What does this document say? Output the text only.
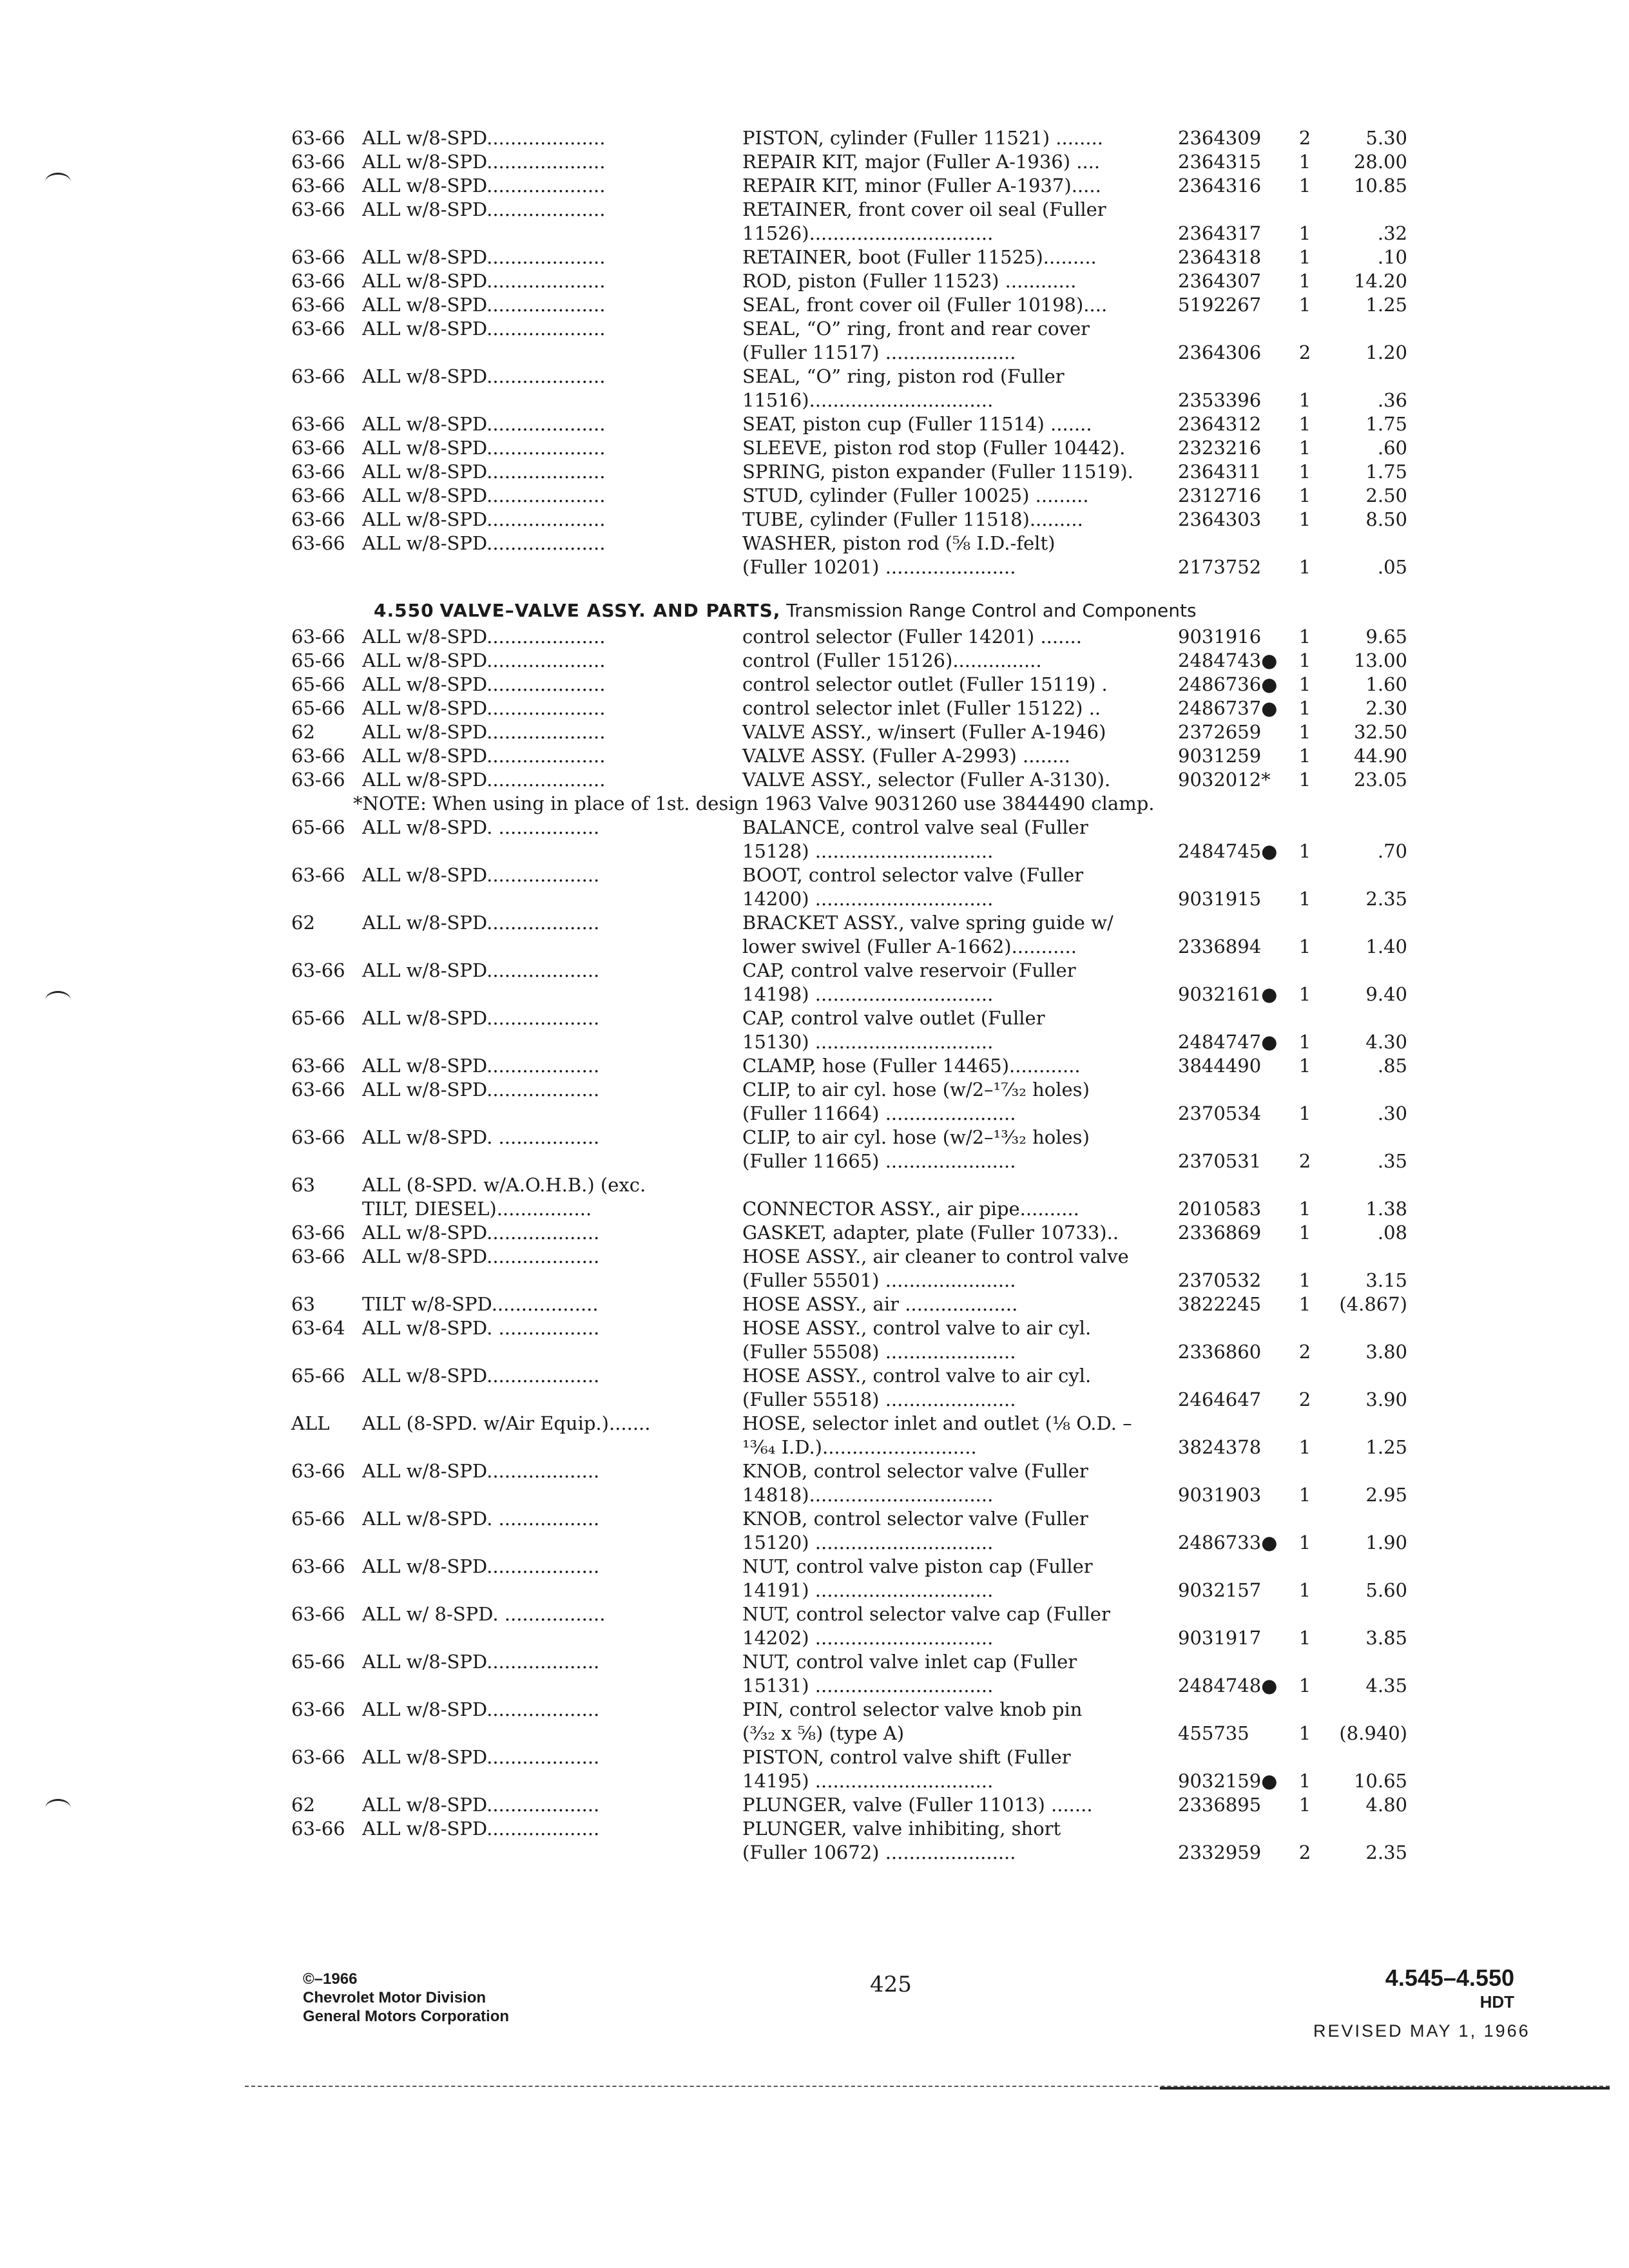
63-66 ALL w/8-SPD....................	PISTON, cylinder (Fuller 11521) ........	2364309	2	5.30
63-66 ALL w/8-SPD....................	REPAIR KIT, major (Fuller A-1936) ....	2364315	1	28.00
63-66 ALL w/8-SPD....................	REPAIR KIT, minor (Fuller A-1937).....	2364316	1	10.85
63-66 ALL w/8-SPD....................	RETAINER, front cover oil seal (Fuller
11526)...............................	2364317	1	.32
63-66 ALL w/8-SPD....................	RETAINER, boot (Fuller 11525).........	2364318	1	.10
63-66 ALL w/8-SPD....................	ROD, piston (Fuller 11523) ............	2364307	1	14.20
63-66 ALL w/8-SPD....................	SEAL, front cover oil (Fuller 10198)....	5192267	1	1.25
63-66 ALL w/8-SPD....................	SEAL, “O” ring, front and rear cover
(Fuller 11517) ......................	2364306	2	1.20
63-66 ALL w/8-SPD....................	SEAL, “O” ring, piston rod (Fuller
11516)...............................	2353396	1	.36
63-66 ALL w/8-SPD....................	SEAT, piston cup (Fuller 11514) .......	2364312	1	1.75
63-66 ALL w/8-SPD....................	SLEEVE, piston rod stop (Fuller 10442).	2323216	1	.60
63-66 ALL w/8-SPD....................	SPRING, piston expander (Fuller 11519). 2364311	1	1.75
63-66 ALL w/8-SPD....................	STUD, cylinder (Fuller 10025) .........	2312716	1	2.50
63-66 ALL w/8-SPD....................	TUBE, cylinder (Fuller 11518).........	2364303	1	8.50
63-66 ALL w/8-SPD....................	WASHER, piston rod (⅝ I.D.-felt)
(Fuller 10201) ......................	2173752	1	.05
4.550 VALVE–VALVE ASSY. AND PARTS, Transmission Range Control and Components
63-66 ALL w/8-SPD....................	control selector (Fuller 14201) .......	9031916	1	9.65
65-66 ALL w/8-SPD....................	control (Fuller 15126)...............	2484743●	1	13.00
65-66 ALL w/8-SPD....................	control selector outlet (Fuller 15119) .	2486736●	1	1.60
65-66 ALL w/8-SPD....................	control selector inlet (Fuller 15122) ..	2486737●	1	2.30
62	ALL w/8-SPD....................	VALVE ASSY., w/insert (Fuller A-1946)	2372659	1	32.50
63-66 ALL w/8-SPD....................	VALVE ASSY. (Fuller A-2993) ........	9031259	1	44.90
63-66 ALL w/8-SPD....................	VALVE ASSY., selector (Fuller A-3130).	9032012*	1	23.05
*NOTE: When using in place of 1st. design 1963 Valve 9031260 use 3844490 clamp.
65-66 ALL w/8-SPD. .................	BALANCE, control valve seal (Fuller
15128) ..............................	2484745●	1	.70
63-66 ALL w/8-SPD...................	BOOT, control selector valve (Fuller
14200) ..............................	9031915	1	2.35
62	ALL w/8-SPD...................	BRACKET ASSY., valve spring guide w/
lower swivel (Fuller A-1662)...........	2336894	1	1.40
63-66 ALL w/8-SPD...................	CAP, control valve reservoir (Fuller
14198) ..............................	9032161●	1	9.40
65-66 ALL w/8-SPD...................	CAP, control valve outlet (Fuller
15130) ..............................	2484747●	1	4.30
63-66 ALL w/8-SPD...................	CLAMP, hose (Fuller 14465)............	3844490	1	.85
63-66 ALL w/8-SPD...................	CLIP, to air cyl. hose (w/2–¹⁷⁄₃₂ holes)
(Fuller 11664) ......................	2370534	1	.30
63-66 ALL w/8-SPD. .................	CLIP, to air cyl. hose (w/2–¹³⁄₃₂ holes)
(Fuller 11665) ......................	2370531	2	.35
63	ALL (8-SPD. w/A.O.H.B.) (exc.
TILT, DIESEL)................	CONNECTOR ASSY., air pipe..........	2010583	1	1.38
63-66 ALL w/8-SPD...................	GASKET, adapter, plate (Fuller 10733)..	2336869	1	.08
63-66 ALL w/8-SPD...................	HOSE ASSY., air cleaner to control valve
(Fuller 55501) ......................	2370532	1	3.15
63	TILT w/8-SPD..................	HOSE ASSY., air ...................	3822245	1	(4.867)
63-64 ALL w/8-SPD. .................	HOSE ASSY., control valve to air cyl.
(Fuller 55508) ......................	2336860	2	3.80
65-66 ALL w/8-SPD...................	HOSE ASSY., control valve to air cyl.
(Fuller 55518) ......................	2464647	2	3.90
ALL ALL (8-SPD. w/Air Equip.).......	HOSE, selector inlet and outlet (⅛ O.D. –
¹³⁄₆₄ I.D.)..........................	3824378	1	1.25
63-66 ALL w/8-SPD...................	KNOB, control selector valve (Fuller
14818)...............................	9031903	1	2.95
65-66 ALL w/8-SPD. .................	KNOB, control selector valve (Fuller
15120) ..............................	2486733●	1	1.90
63-66 ALL w/8-SPD...................	NUT, control valve piston cap (Fuller
14191) ..............................	9032157	1	5.60
63-66 ALL w/ 8-SPD. .................	NUT, control selector valve cap (Fuller
14202) ..............................	9031917	1	3.85
65-66 ALL w/8-SPD...................	NUT, control valve inlet cap (Fuller
15131) ..............................	2484748●	1	4.35
63-66 ALL w/8-SPD...................	PIN, control selector valve knob pin
(³⁄₃₂ x ⅝) (type A)	455735	1	(8.940)
63-66 ALL w/8-SPD...................	PISTON, control valve shift (Fuller
14195) ..............................	9032159●	1	10.65
62	ALL w/8-SPD...................	PLUNGER, valve (Fuller 11013) .......	2336895	1	4.80
63-66 ALL w/8-SPD...................	PLUNGER, valve inhibiting, short
(Fuller 10672) ......................	2332959	2	2.35
©–1966
Chevrolet Motor Division
General Motors Corporation
425	4.545–4.550
HDT
REVISED MAY 1, 1966
